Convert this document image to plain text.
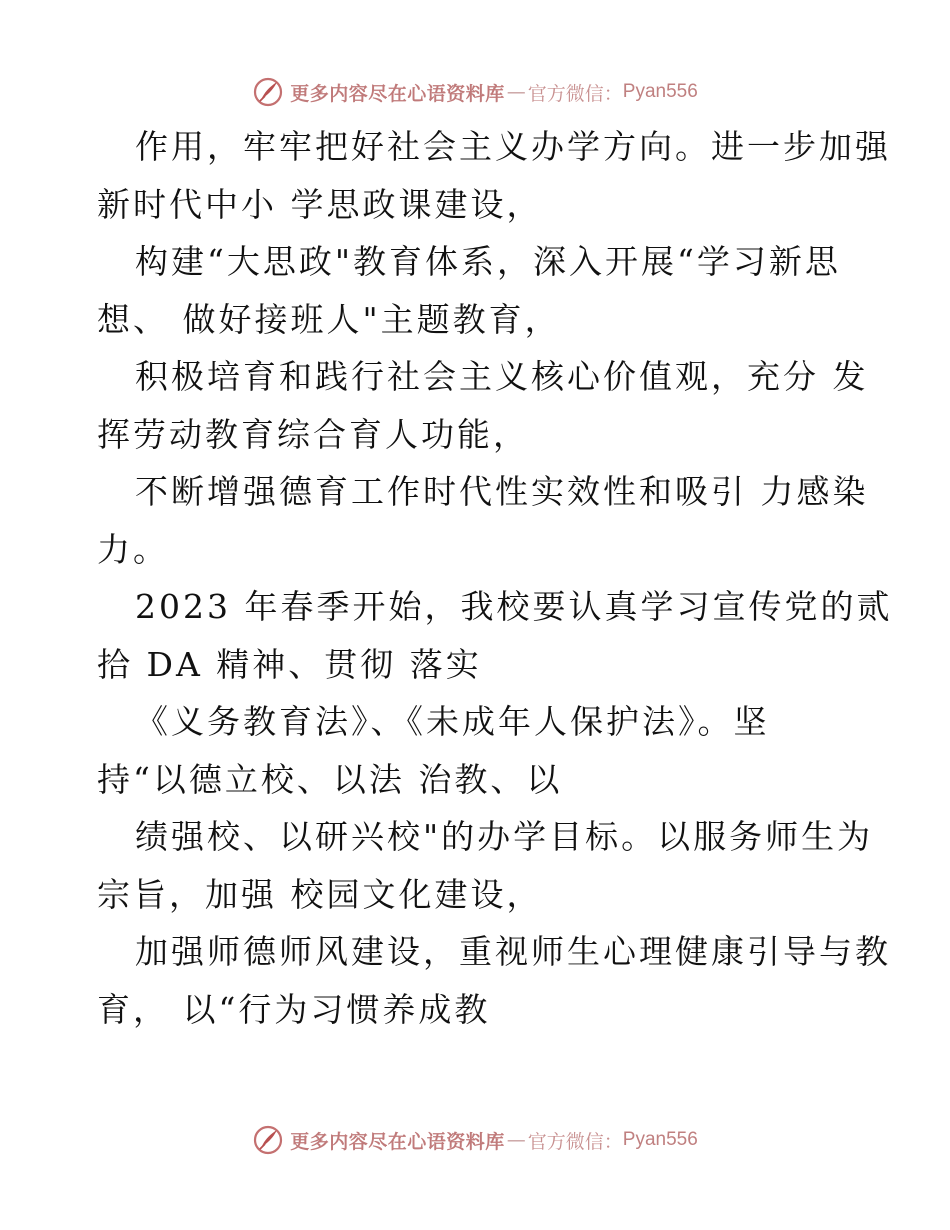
更多内容尽在心语资料库 — 官方微信 ： Pyan556
作用，牢牢把好社会主义办学方向。进一步加强
新时代中小 学思政课建设，
构建“大思政"教育体系，深入开展“学习新思
想、 做好接班人"主题教育，
积极培育和践行社会主义核心价值观，充分 发
挥劳动教育综合育人功能，
不断增强德育工作时代性实效性和吸引 力感染
力。
2023 年春季开始，我校要认真学习宣传党的贰
拾 DA 精神、贯彻 落实
《义务教育法》、《未成年人保护法》。坚
持“以德立校、以法 治教、以
绩强校、以研兴校"的办学目标。以服务师生为
宗旨，加强 校园文化建设，
加强师德师风建设，重视师生心理健康引导与教
育， 以“行为习惯养成教
更多内容尽在心语资料库 — 官方微信 ： Pyan556
